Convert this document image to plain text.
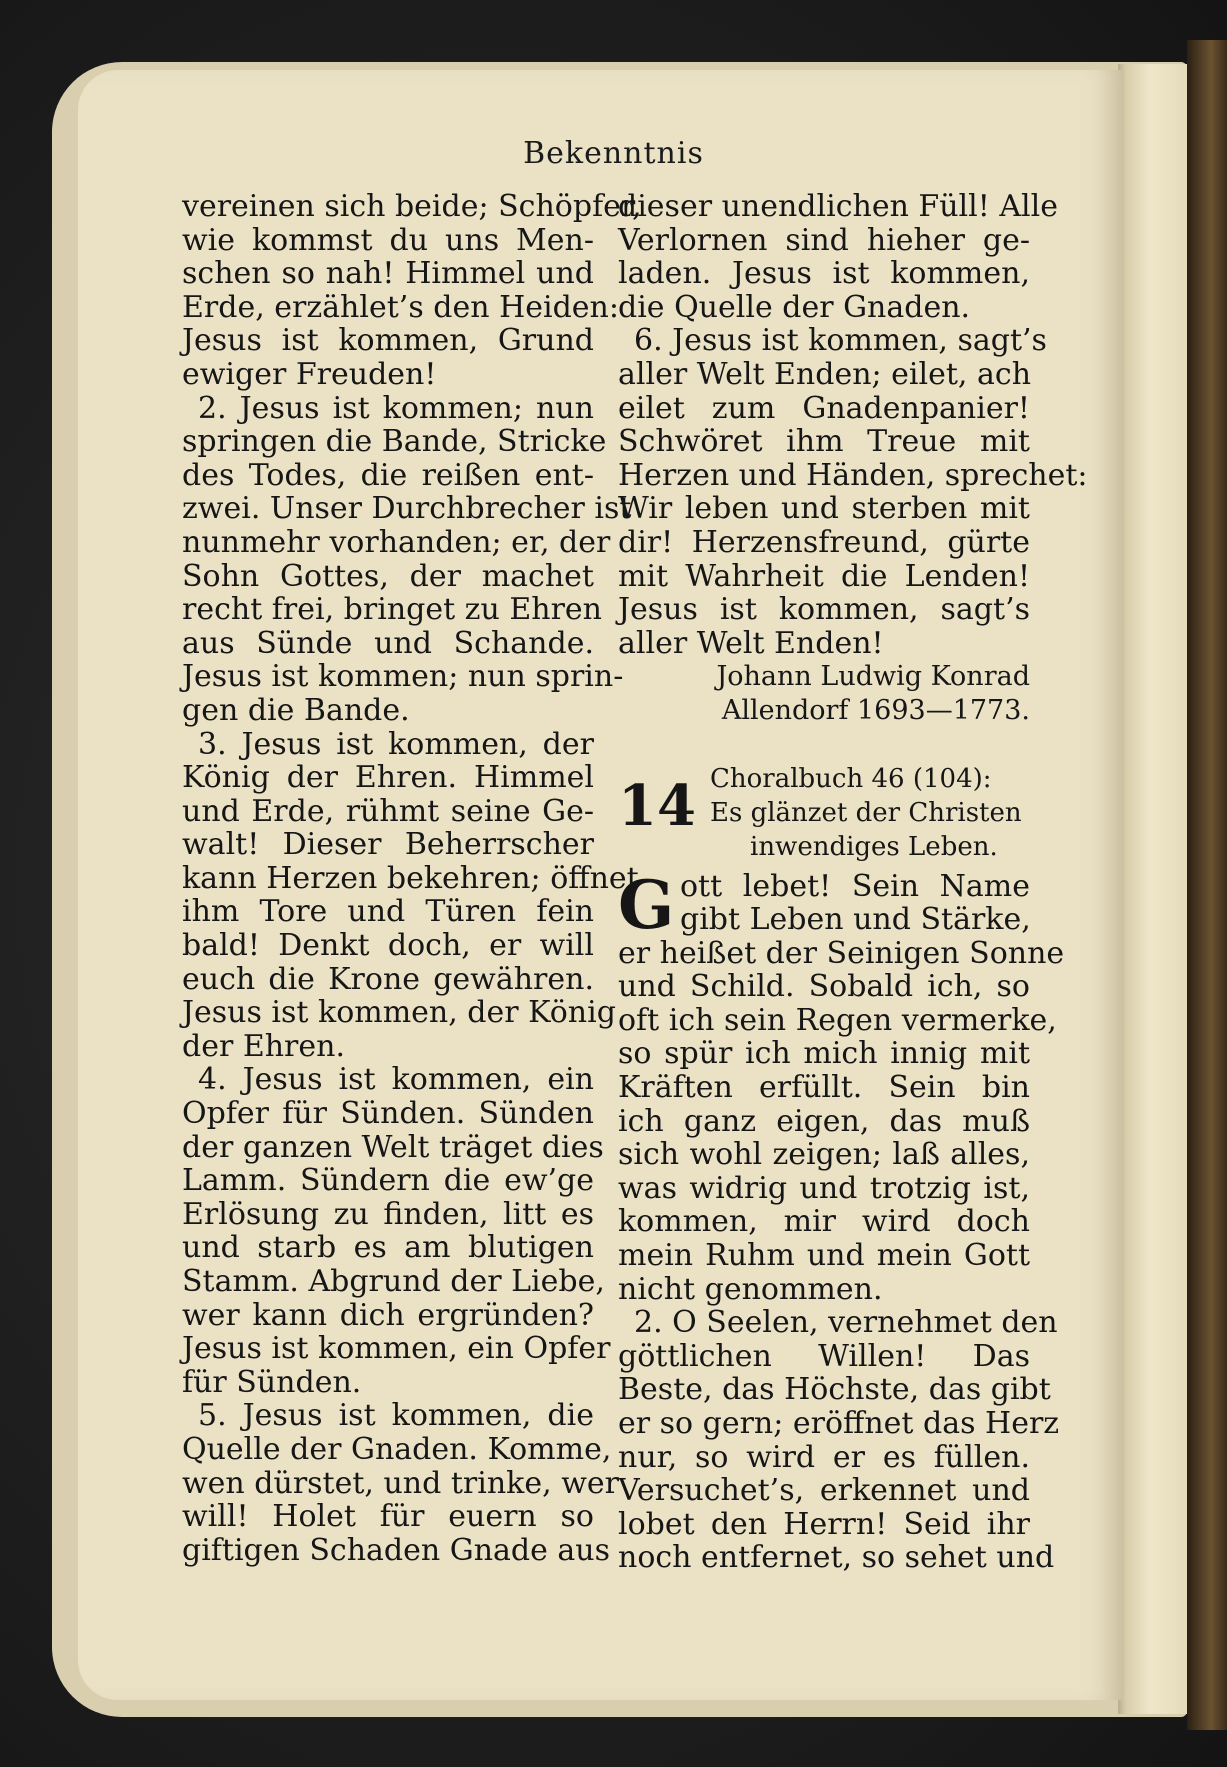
Bekenntnis
vereinen sich beide; Schöpfer,
wie kommst du uns Men-
schen so nah! Himmel und
Erde, erzählet’s den Heiden:
Jesus ist kommen, Grund
ewiger Freuden!
2. Jesus ist kommen; nun
springen die Bande, Stricke
des Todes, die reißen ent-
zwei. Unser Durchbrecher ist
nunmehr vorhanden; er, der
Sohn Gottes, der machet
recht frei, bringet zu Ehren
aus Sünde und Schande.
Jesus ist kommen; nun sprin-
gen die Bande.
3. Jesus ist kommen, der
König der Ehren. Himmel
und Erde, rühmt seine Ge-
walt! Dieser Beherrscher
kann Herzen bekehren; öffnet
ihm Tore und Türen fein
bald! Denkt doch, er will
euch die Krone gewähren.
Jesus ist kommen, der König
der Ehren.
4. Jesus ist kommen, ein
Opfer für Sünden. Sünden
der ganzen Welt träget dies
Lamm. Sündern die ew’ge
Erlösung zu finden, litt es
und starb es am blutigen
Stamm. Abgrund der Liebe,
wer kann dich ergründen?
Jesus ist kommen, ein Opfer
für Sünden.
5. Jesus ist kommen, die
Quelle der Gnaden. Komme,
wen dürstet, und trinke, wer
will! Holet für euern so
giftigen Schaden Gnade aus
dieser unendlichen Füll! Alle
Verlornen sind hieher ge-
laden. Jesus ist kommen,
die Quelle der Gnaden.
6. Jesus ist kommen, sagt’s
aller Welt Enden; eilet, ach
eilet zum Gnadenpanier!
Schwöret ihm Treue mit
Herzen und Händen, sprechet:
Wir leben und sterben mit
dir! Herzensfreund, gürte
mit Wahrheit die Lenden!
Jesus ist kommen, sagt’s
aller Welt Enden!
Johann Ludwig Konrad
Allendorf 1693—1773.
14 Choralbuch 46 (104):
Es glänzet der Christen
inwendiges Leben.
G ott lebet! Sein Name
gibt Leben und Stärke,
er heißet der Seinigen Sonne
und Schild. Sobald ich, so
oft ich sein Regen vermerke,
so spür ich mich innig mit
Kräften erfüllt. Sein bin
ich ganz eigen, das muß
sich wohl zeigen; laß alles,
was widrig und trotzig ist,
kommen, mir wird doch
mein Ruhm und mein Gott
nicht genommen.
2. O Seelen, vernehmet den
göttlichen Willen! Das
Beste, das Höchste, das gibt
er so gern; eröffnet das Herz
nur, so wird er es füllen.
Versuchet’s, erkennet und
lobet den Herrn! Seid ihr
noch entfernet, so sehet und
